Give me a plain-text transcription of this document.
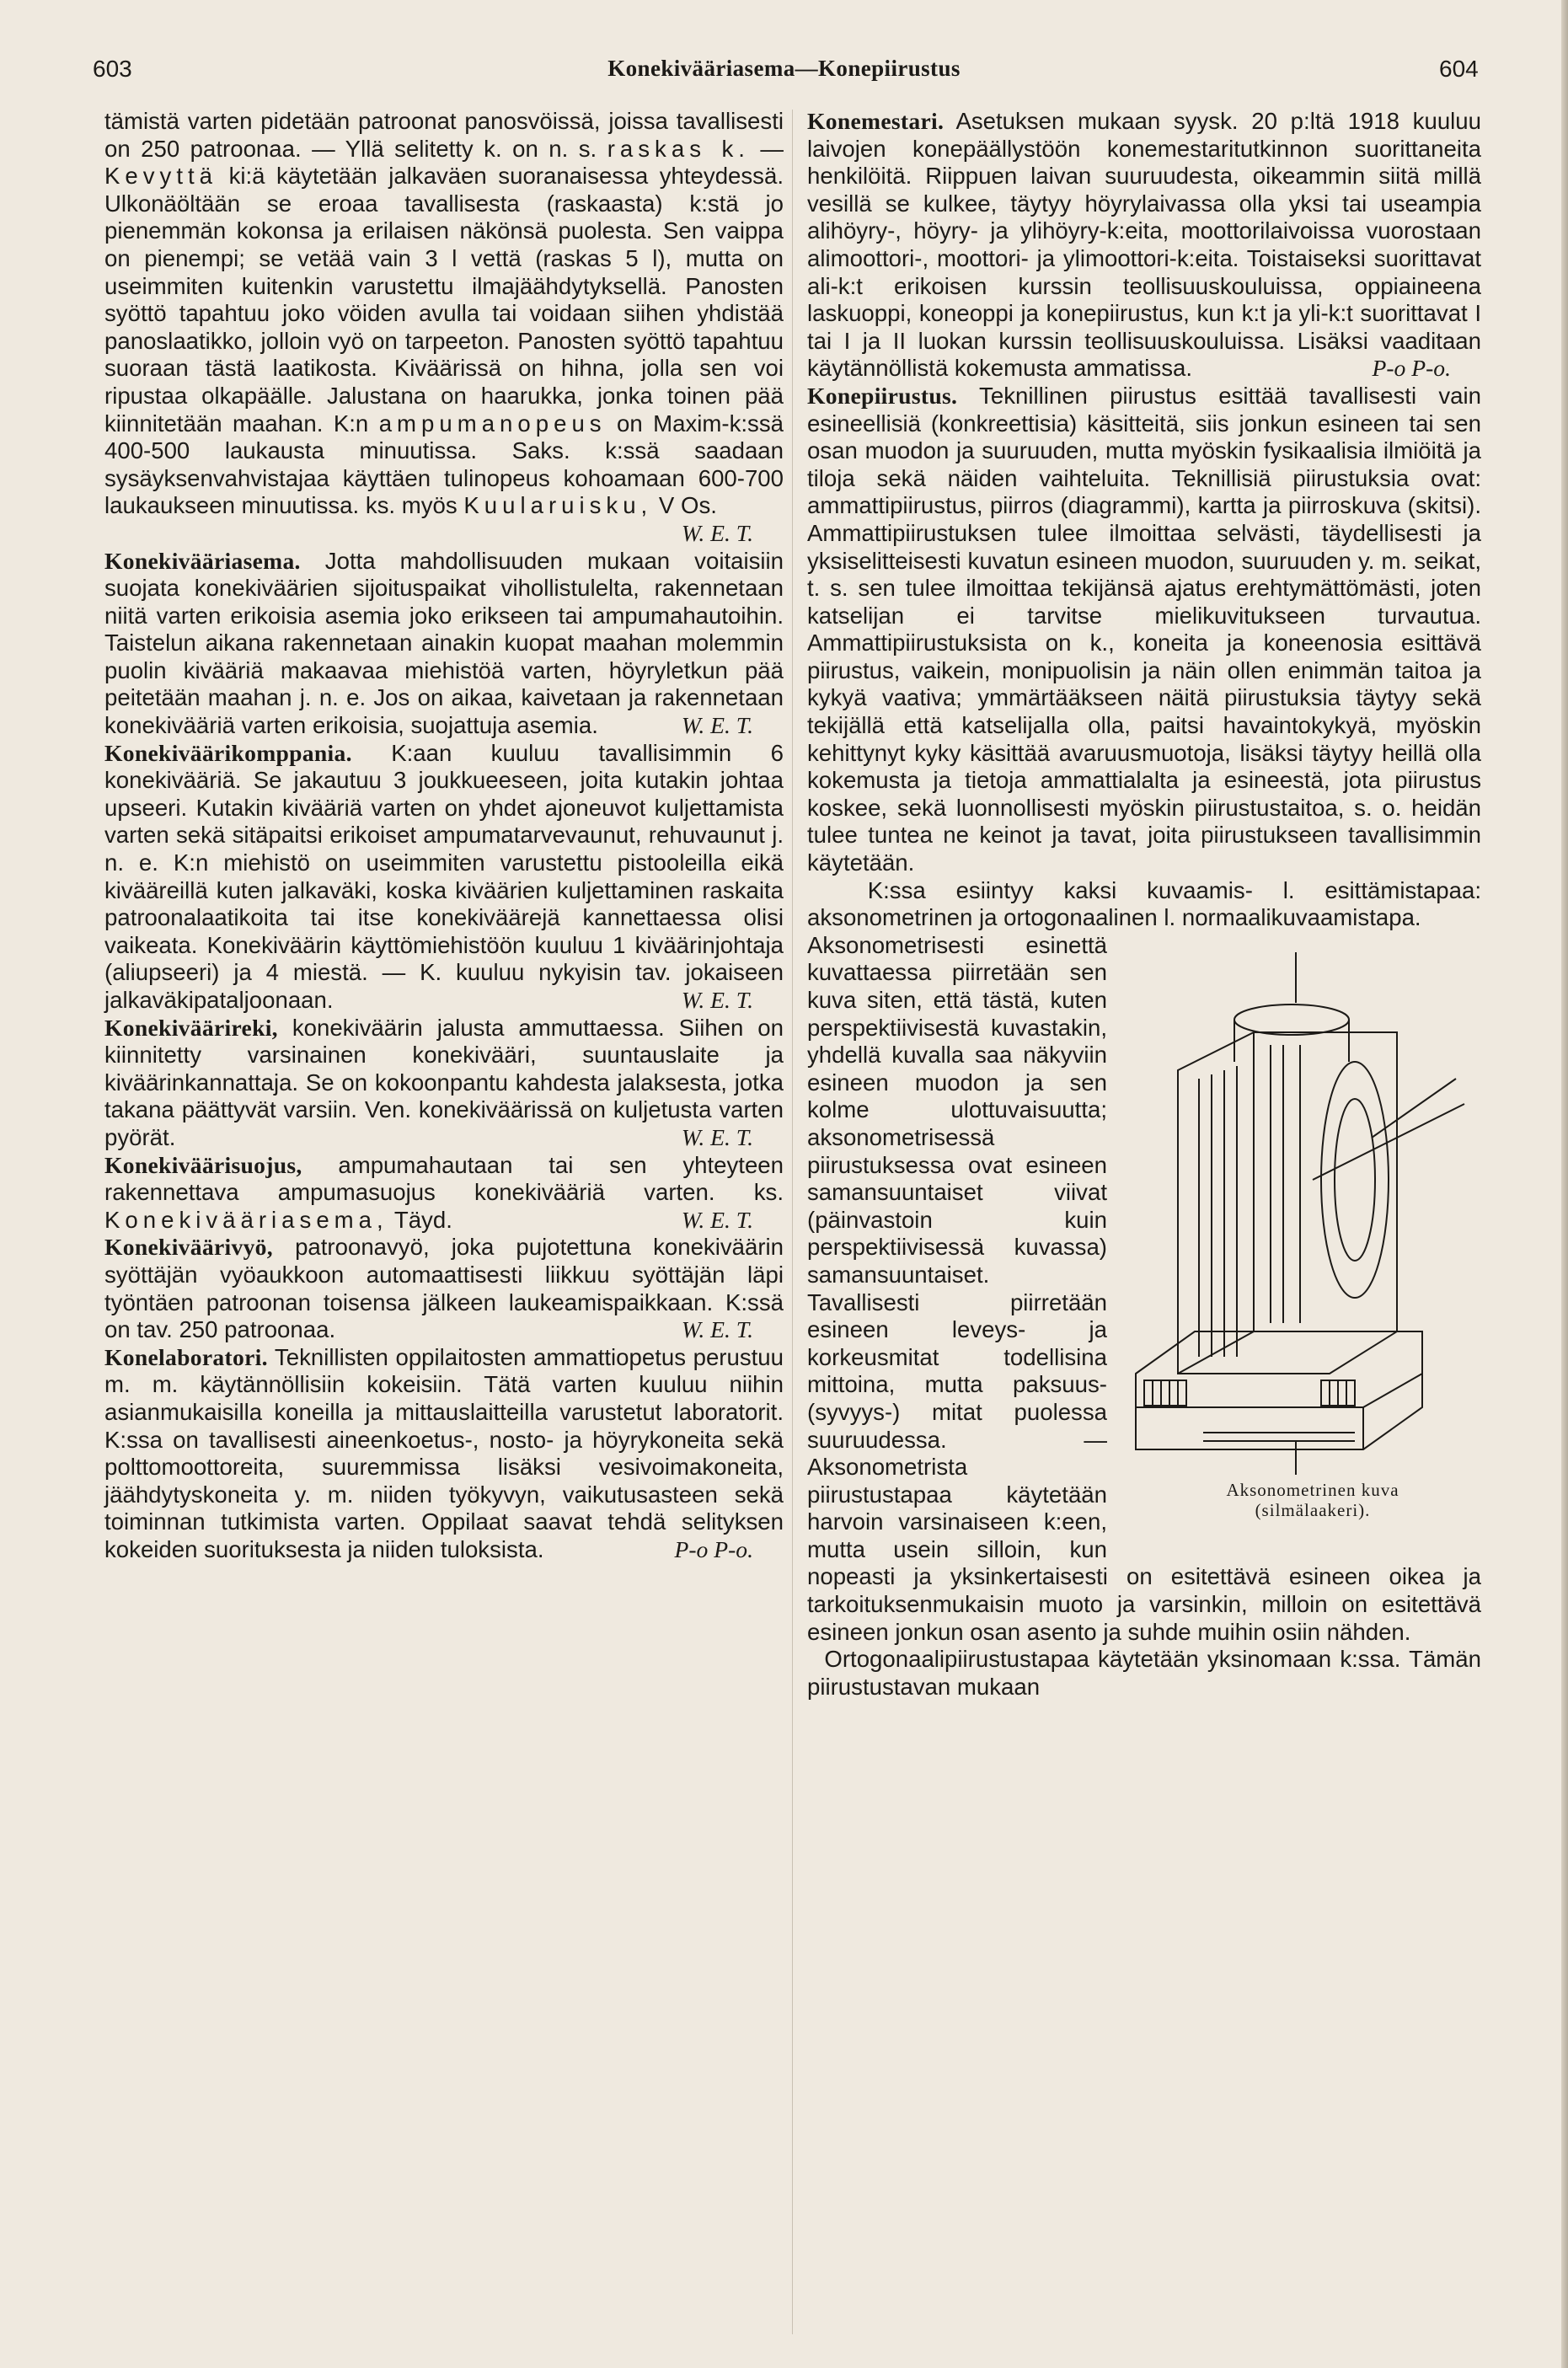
603	Konekivääriasema—Konepiirustus	604

tämistä varten pidetään patroonat panosvöissä, joissa tavallisesti on 250 patroonaa. — Yllä selitetty k. on n. s. raskas k. — Kevyttä ki:ä käytetään jalkaväen suoranaisessa yhteydessä. Ulkonäöltään se eroaa tavallisesta (raskaasta) k:stä jo pienemmän kokonsa ja erilaisen näkönsä puolesta. Sen vaippa on pienempi; se vetää vain 3 l vettä (raskas 5 l), mutta on useimmiten kuitenkin varustettu ilmajäähdytyksellä. Panosten syöttö tapahtuu joko vöiden avulla tai voidaan siihen yhdistää panoslaatikko, jolloin vyö on tarpeeton. Panosten syöttö tapahtuu suoraan tästä laatikosta. Kiväärissä on hihna, jolla sen voi ripustaa olkapäälle. Jalustana on haarukka, jonka toinen pää kiinnitetään maahan. K:n ampumanopeus on Maxim-k:ssä 400-500 laukausta minuutissa. Saks. k:ssä saadaan sysäyksenvahvistajaa käyttäen tulinopeus kohoamaan 600-700 laukaukseen minuutissa. ks. myös Kuularuisku, V Os.
W. E. T.

Konekivääriasema. Jotta mahdollisuuden mukaan voitaisiin suojata konekiväärien sijoituspaikat vihollistulelta, rakennetaan niitä varten erikoisia asemia joko erikseen tai ampumahautoihin. Taistelun aikana rakennetaan ainakin kuopat maahan molemmin puolin kivääriä makaavaa miehistöä varten, höyryletkun pää peitetään maahan j. n. e. Jos on aikaa, kaivetaan ja rakennetaan konekivääriä varten erikoisia, suojattuja asemia.	W. E. T.

Konekiväärikomppania. K:aan kuuluu tavallisimmin 6 konekivääriä. Se jakautuu 3 joukkueeseen, joita kutakin johtaa upseeri. Kutakin kivääriä varten on yhdet ajoneuvot kuljettamista varten sekä sitäpaitsi erikoiset ampumatarvevaunut, rehuvaunut j. n. e. K:n miehistö on useimmiten varustettu pistooleilla eikä kivääreillä kuten jalkaväki, koska kiväärien kuljettaminen raskaita patroonalaatikoita tai itse konekiväärejä kannettaessa olisi vaikeata. Konekiväärin käyttömiehistöön kuuluu 1 kiväärinjohtaja (aliupseeri) ja 4 miestä. — K. kuuluu nykyisin tav. jokaiseen jalkaväkipataljoonaan.	W. E. T.

Konekiväärireki, konekiväärin jalusta ammuttaessa. Siihen on kiinnitetty varsinainen konekivääri, suuntauslaite ja kiväärinkannattaja. Se on kokoonpantu kahdesta jalaksesta, jotka takana päättyvät varsiin. Ven. konekiväärissä on kuljetusta varten pyörät.	W. E. T.

Konekiväärisuojus, ampumahautaan tai sen yhteyteen rakennettava ampumasuojus konekivääriä varten. ks. Konekivääriasema, Täyd.	W. E. T.

Konekiväärivyö, patroonavyö, joka pujotettuna konekiväärin syöttäjän vyöaukkoon automaattisesti liikkuu syöttäjän läpi työntäen patroonan toisensa jälkeen laukeamispaikkaan. K:ssä on tav. 250 patroonaa.	W. E. T.

Konelaboratori. Teknillisten oppilaitosten ammattiopetus perustuu m. m. käytännöllisiin kokeisiin. Tätä varten kuuluu niihin asianmukaisilla koneilla ja mittauslaitteilla varustetut laboratorit. K:ssa on tavallisesti aineenkoetus-, nosto- ja höyrykoneita sekä polttomoottoreita, suuremmissa lisäksi vesivoimakoneita, jäähdytyskoneita y. m. niiden työkyvyn, vaikutusasteen sekä toiminnan tutkimista varten. Oppilaat saavat tehdä selityksen kokeiden suorituksesta ja niiden tuloksista.	P-o P-o.

Konemestari. Asetuksen mukaan syysk. 20 p:ltä 1918 kuuluu laivojen konepäällystöön konemestaritutkinnon suorittaneita henkilöitä. Riippuen laivan suuruudesta, oikeammin siitä millä vesillä se kulkee, täytyy höyrylaivassa olla yksi tai useampia alihöyry-, höyry- ja ylihöyry-k:eita, moottorilaivoissa vuorostaan alimoottori-, moottori- ja ylimoottori-k:eita. Toistaiseksi suorittavat ali-k:t erikoisen kurssin teollisuuskouluissa, oppiaineena laskuoppi, koneoppi ja konepiirustus, kun k:t ja yli-k:t suorittavat I tai I ja II luokan kurssin teollisuuskouluissa. Lisäksi vaaditaan käytännöllistä kokemusta ammatissa.	P-o P-o.

Konepiirustus. Teknillinen piirustus esittää tavallisesti vain esineellisiä (konkreettisia) käsitteitä, siis jonkun esineen tai sen osan muodon ja suuruuden, mutta myöskin fysikaalisia ilmiöitä ja tiloja sekä näiden vaihteluita. Teknillisiä piirustuksia ovat: ammattipiirustus, piirros (diagrammi), kartta ja piirroskuva (skitsi). Ammattipiirustuksen tulee ilmoittaa selvästi, täydellisesti ja yksiselitteisesti kuvatun esineen muodon, suuruuden y. m. seikat, t. s. sen tulee ilmoittaa tekijänsä ajatus erehtymättömästi, joten katselijan ei tarvitse mielikuvitukseen turvautua. Ammattipiirustuksista on k., koneita ja koneenosia esittävä piirustus, vaikein, monipuolisin ja näin ollen enimmän taitoa ja kykyä vaativa; ymmärtääkseen näitä piirustuksia täytyy sekä tekijällä että katselijalla olla, paitsi havaintokykyä, myöskin kehittynyt kyky käsittää avaruusmuotoja, lisäksi täytyy heillä olla kokemusta ja tietoja ammattialalta ja esineestä, jota piirustus koskee, sekä luonnollisesti myöskin piirustustaitoa, s. o. heidän tulee tuntea ne keinot ja tavat, joita piirustukseen tavallisimmin käytetään.

K:ssa esiintyy kaksi kuvaamis- l. esittämistapaa: aksonometrinen ja ortogonaalinen l. normaalikuvaamistapa.

Aksonometrinen kuva
(silmälaakeri).

Aksonometrisesti esinettä kuvattaessa piirretään sen kuva siten, että tästä, kuten perspektiivisestä kuvastakin, yhdellä kuvalla saa näkyviin esineen muodon ja sen kolme ulottuvaisuutta; aksonometrisessä piirustuksessa ovat esineen samansuuntaiset viivat (päinvastoin kuin perspektiivisessä kuvassa) samansuuntaiset. Tavallisesti piirretään esineen leveys- ja korkeusmitat todellisina mittoina, mutta paksuus-(syvyys-) mitat puolessa suuruudessa. — Aksonometrista piirustustapaa käytetään harvoin varsinaiseen k:een, mutta usein silloin, kun nopeasti ja yksinkertaisesti on esitettävä esineen oikea ja tarkoituksenmukaisin muoto ja varsinkin, milloin on esitettävä esineen jonkun osan asento ja suhde muihin osiin nähden.

Ortogonaalipiirustustapaa käytetään yksinomaan k:ssa. Tämän piirustustavan mukaan
